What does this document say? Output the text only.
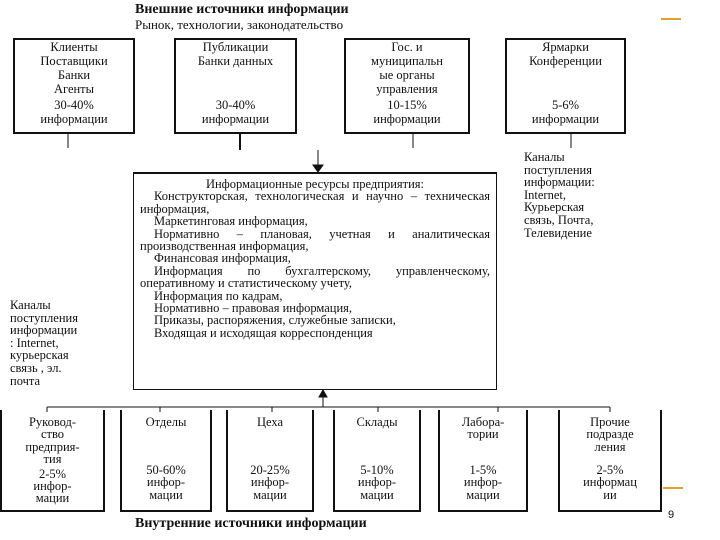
Внешние источники информации
Рынок, технологии, законодательство
Клиенты
Поставщики
Банки
Агенты
30-40%
информации
Публикации
Банки данных
30-40%
информации
Гос. и
муниципальн
ые органы
управления
10-15%
информации
Ярмарки
Конференции
5-6%
информации
Информационные ресурсы предприятия:
Конструкторская, технологическая и научно – техническая информация,
Маркетинговая информация,
Нормативно – плановая, учетная и аналитическая производственная информация,
Финансовая информация,
Информация по бухгалтерскому, управленческому, оперативному и статистическому учету,
Информация по кадрам,
Нормативно – правовая информация,
Приказы, распоряжения, служебные записки,
Входящая и исходящая корреспонденция
Каналы
поступления
информации:
Internet,
Курьерская
связь, Почта,
Телевидение
Каналы
поступления
информации
: Internet,
курьерская
связь , эл.
почта
Руковод-
ство
предприя-
тия
2-5%
инфор-
мации
Отделы
50-60%
инфор-
мации
Цеха
20-25%
инфор-
мации
Склады
5-10%
инфор-
мации
Лабора-
тории
1-5%
инфор-
мации
Прочие
подразде
ления
2-5%
информац
ии
9
Внутренние источники информации
